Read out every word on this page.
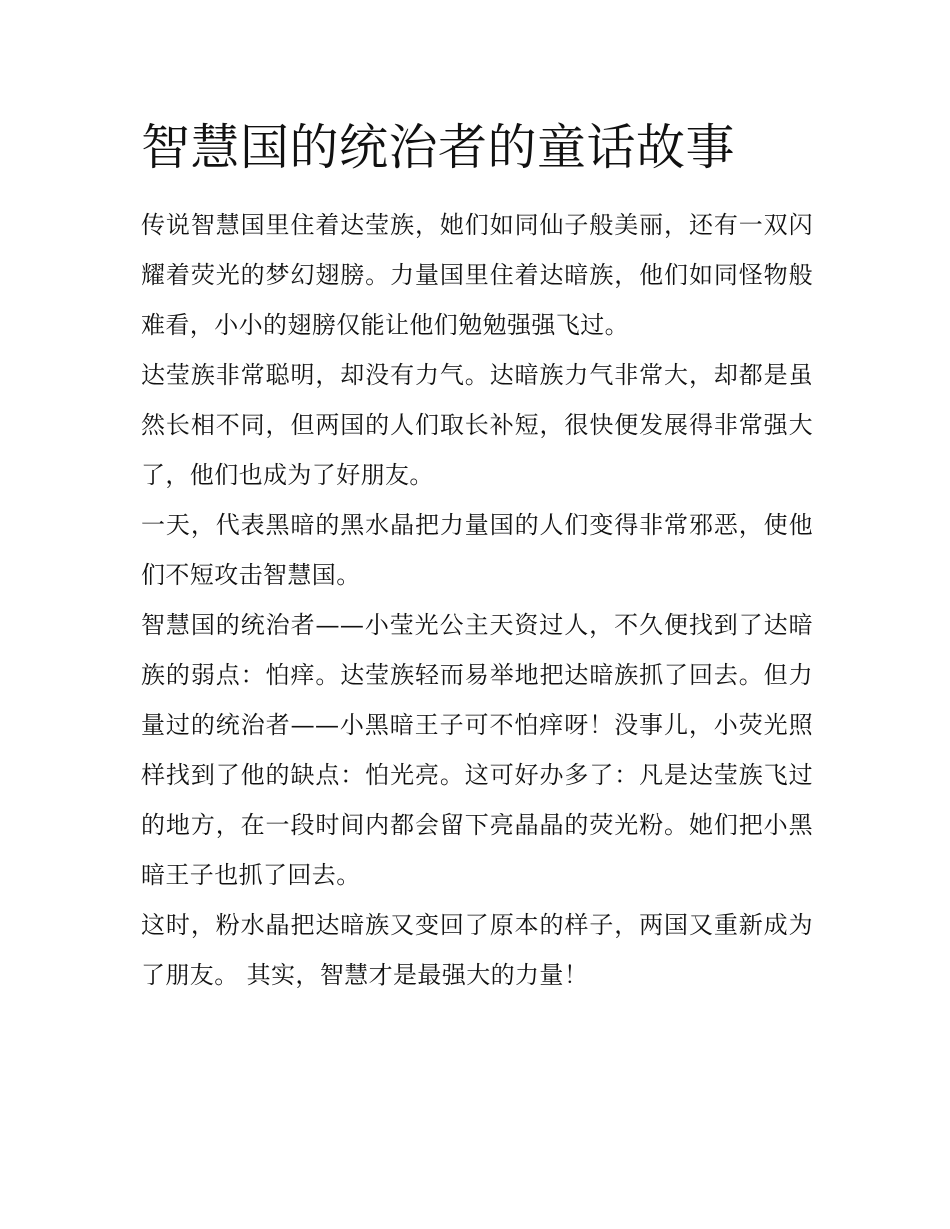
智慧国的统治者的童话故事

传说智慧国里住着达莹族，她们如同仙子般美丽，还有一双闪耀着荧光的梦幻翅膀。力量国里住着达暗族，他们如同怪物般难看，小小的翅膀仅能让他们勉勉强强飞过。

达莹族非常聪明，却没有力气。达暗族力气非常大，却都是虽然长相不同，但两国的人们取长补短，很快便发展得非常强大了，他们也成为了好朋友。

一天，代表黑暗的黑水晶把力量国的人们变得非常邪恶，使他们不短攻击智慧国。

智慧国的统治者——小莹光公主天资过人，不久便找到了达暗族的弱点：怕痒。达莹族轻而易举地把达暗族抓了回去。但力量过的统治者——小黑暗王子可不怕痒呀！没事儿，小荧光照样找到了他的缺点：怕光亮。这可好办多了：凡是达莹族飞过的地方，在一段时间内都会留下亮晶晶的荧光粉。她们把小黑暗王子也抓了回去。

这时，粉水晶把达暗族又变回了原本的样子，两国又重新成为了朋友。 其实，智慧才是最强大的力量！
